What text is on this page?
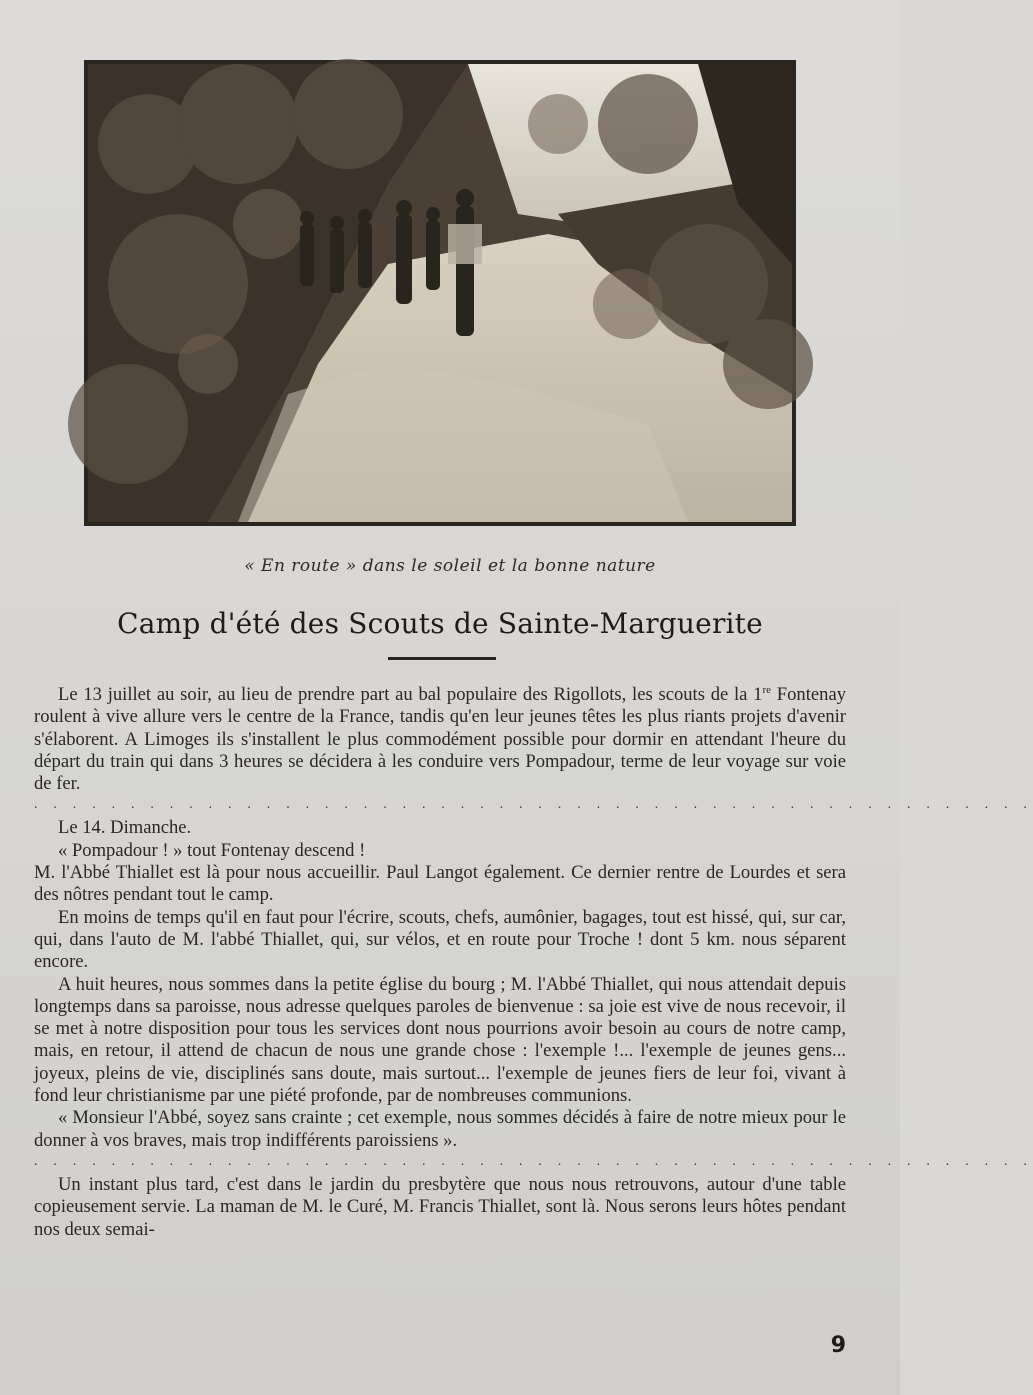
« En route » dans le soleil et la bonne nature
Camp d'été des Scouts de Sainte-Marguerite

Le 13 juillet au soir, au lieu de prendre part au bal populaire des Rigollots, les scouts de la 1re Fontenay roulent à vive allure vers le centre de la France, tandis qu'en leur jeunes têtes les plus riants projets d'avenir s'élaborent. A Limoges ils s'installent le plus commodément possible pour dormir en attendant l'heure du départ du train qui dans 3 heures se décidera à les conduire vers Pompadour, terme de leur voyage sur voie de fer.

. . . . . . . . . . . . . . . . . . . . . . . . . . . . . . . . . . . . . . . . . . . . . . . . . . . .

Le 14. Dimanche.

« Pompadour ! » tout Fontenay descend !

M. l'Abbé Thiallet est là pour nous accueillir. Paul Langot également. Ce dernier rentre de Lourdes et sera des nôtres pendant tout le camp.

En moins de temps qu'il en faut pour l'écrire, scouts, chefs, aumônier, bagages, tout est hissé, qui, sur car, qui, dans l'auto de M. l'abbé Thiallet, qui, sur vélos, et en route pour Troche ! dont 5 km. nous séparent encore.

A huit heures, nous sommes dans la petite église du bourg ; M. l'Abbé Thiallet, qui nous attendait depuis longtemps dans sa paroisse, nous adresse quelques paroles de bienvenue : sa joie est vive de nous recevoir, il se met à notre disposition pour tous les services dont nous pourrions avoir besoin au cours de notre camp, mais, en retour, il attend de chacun de nous une grande chose : l'exemple !... l'exemple de jeunes gens... joyeux, pleins de vie, disciplinés sans doute, mais surtout... l'exemple de jeunes fiers de leur foi, vivant à fond leur christianisme par une piété profonde, par de nombreuses communions.

« Monsieur l'Abbé, soyez sans crainte ; cet exemple, nous sommes décidés à faire de notre mieux pour le donner à vos braves, mais trop indifférents paroissiens ».

. . . . . . . . . . . . . . . . . . . . . . . . . . . . . . . . . . . . . . . . . . . . . . . . . . . .

Un instant plus tard, c'est dans le jardin du presbytère que nous nous retrouvons, autour d'une table copieusement servie. La maman de M. le Curé, M. Francis Thiallet, sont là. Nous serons leurs hôtes pendant nos deux semai-

9
